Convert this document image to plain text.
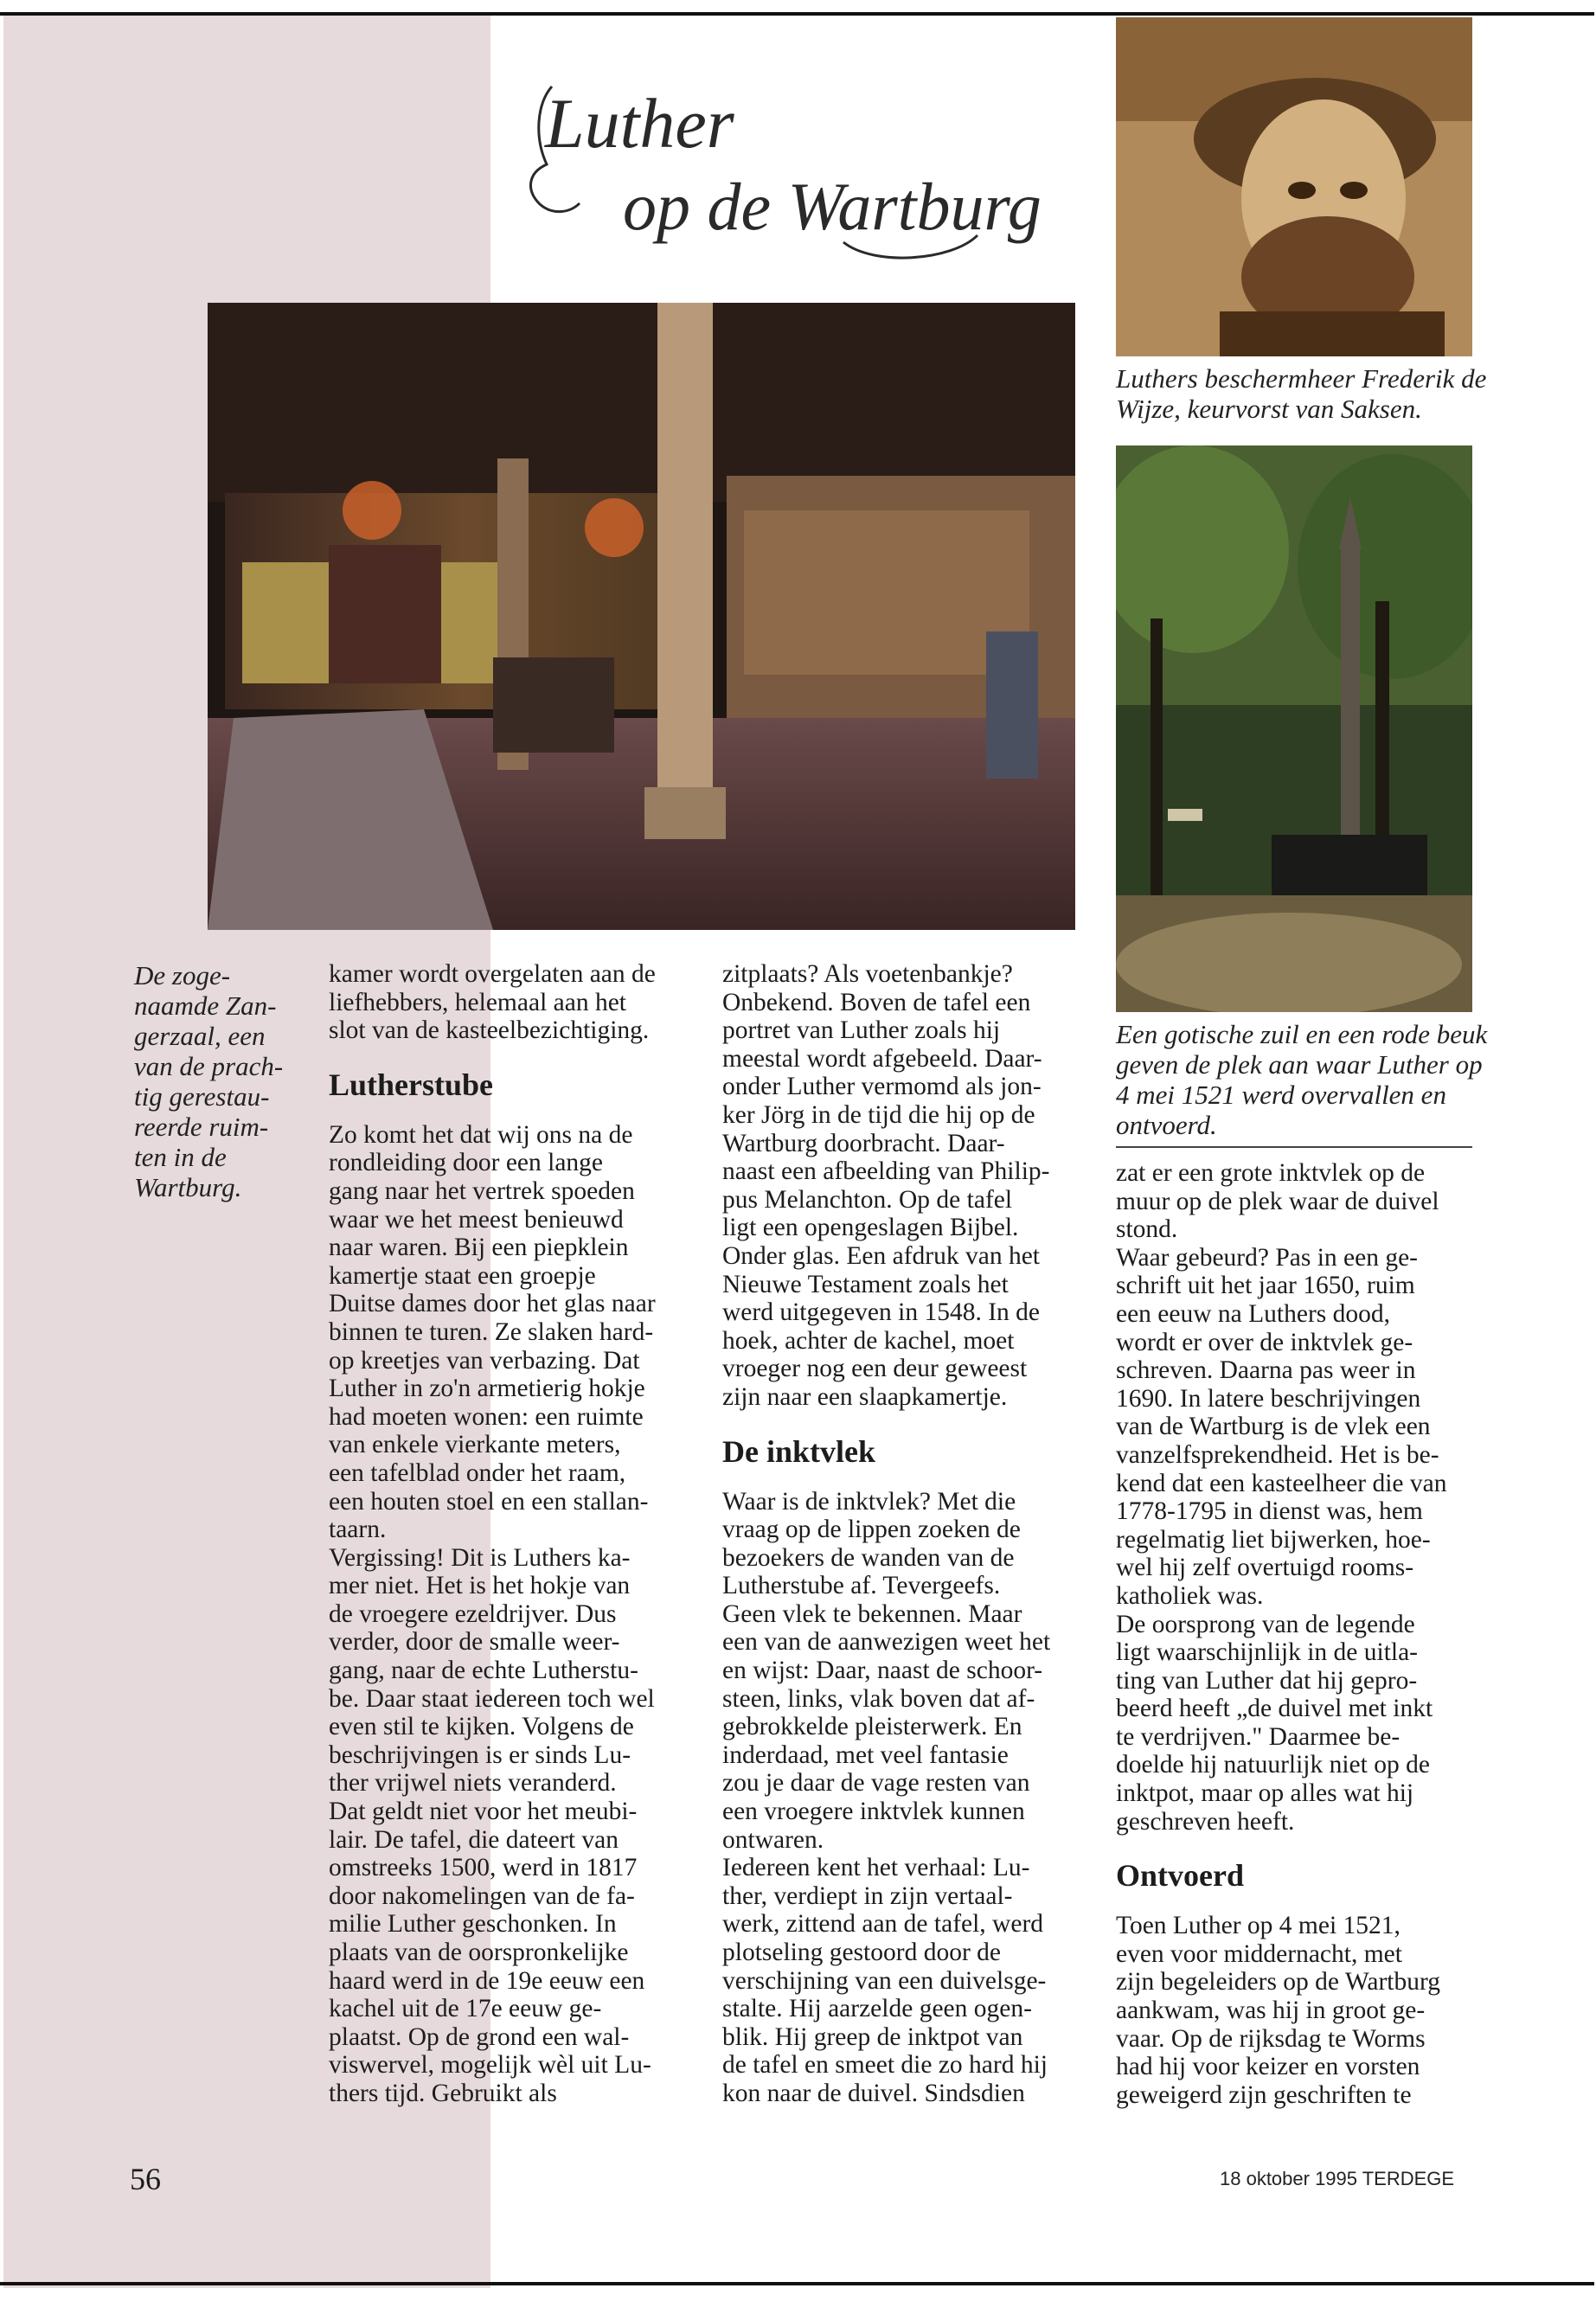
Luther
op de Wartburg
Luthers beschermheer Frederik de Wijze, keurvorst van Saksen.

De zoge-
naamde Zan-
gerzaal, een
van de prach-
tig gerestau-
reerde ruim-
ten in de
Wartburg.

Een gotische zuil en een rode beuk geven de plek aan waar Luther op 4 mei 1521 werd overvallen en ontvoerd.

kamer wordt overgelaten aan de
liefhebbers, helemaal aan het
slot van de kasteelbezichtiging.

Lutherstube

Zo komt het dat wij ons na de
rondleiding door een lange
gang naar het vertrek spoeden
waar we het meest benieuwd
naar waren. Bij een piepklein
kamertje staat een groepje
Duitse dames door het glas naar
binnen te turen. Ze slaken hard-
op kreetjes van verbazing. Dat
Luther in zo'n armetierig hokje
had moeten wonen: een ruimte
van enkele vierkante meters,
een tafelblad onder het raam,
een houten stoel en een stallan-
taarn.
Vergissing! Dit is Luthers ka-
mer niet. Het is het hokje van
de vroegere ezeldrijver. Dus
verder, door de smalle weer-
gang, naar de echte Lutherstu-
be. Daar staat iedereen toch wel
even stil te kijken. Volgens de
beschrijvingen is er sinds Lu-
ther vrijwel niets veranderd.
Dat geldt niet voor het meubi-
lair. De tafel, die dateert van
omstreeks 1500, werd in 1817
door nakomelingen van de fa-
milie Luther geschonken. In
plaats van de oorspronkelijke
haard werd in de 19e eeuw een
kachel uit de 17e eeuw ge-
plaatst. Op de grond een wal-
viswervel, mogelijk wèl uit Lu-
thers tijd. Gebruikt als

zitplaats? Als voetenbankje?
Onbekend. Boven de tafel een
portret van Luther zoals hij
meestal wordt afgebeeld. Daar-
onder Luther vermomd als jon-
ker Jörg in de tijd die hij op de
Wartburg doorbracht. Daar-
naast een afbeelding van Philip-
pus Melanchton. Op de tafel
ligt een opengeslagen Bijbel.
Onder glas. Een afdruk van het
Nieuwe Testament zoals het
werd uitgegeven in 1548. In de
hoek, achter de kachel, moet
vroeger nog een deur geweest
zijn naar een slaapkamertje.

De inktvlek

Waar is de inktvlek? Met die
vraag op de lippen zoeken de
bezoekers de wanden van de
Lutherstube af. Tevergeefs.
Geen vlek te bekennen. Maar
een van de aanwezigen weet het
en wijst: Daar, naast de schoor-
steen, links, vlak boven dat af-
gebrokkelde pleisterwerk. En
inderdaad, met veel fantasie
zou je daar de vage resten van
een vroegere inktvlek kunnen
ontwaren.
Iedereen kent het verhaal: Lu-
ther, verdiept in zijn vertaal-
werk, zittend aan de tafel, werd
plotseling gestoord door de
verschijning van een duivelsge-
stalte. Hij aarzelde geen ogen-
blik. Hij greep de inktpot van
de tafel en smeet die zo hard hij
kon naar de duivel. Sindsdien

zat er een grote inktvlek op de
muur op de plek waar de duivel
stond.
Waar gebeurd? Pas in een ge-
schrift uit het jaar 1650, ruim
een eeuw na Luthers dood,
wordt er over de inktvlek ge-
schreven. Daarna pas weer in
1690. In latere beschrijvingen
van de Wartburg is de vlek een
vanzelfsprekendheid. Het is be-
kend dat een kasteelheer die van
1778-1795 in dienst was, hem
regelmatig liet bijwerken, hoe-
wel hij zelf overtuigd rooms-
katholiek was.
De oorsprong van de legende
ligt waarschijnlijk in de uitla-
ting van Luther dat hij gepro-
beerd heeft „de duivel met inkt
te verdrijven." Daarmee be-
doelde hij natuurlijk niet op de
inktpot, maar op alles wat hij
geschreven heeft.

Ontvoerd

Toen Luther op 4 mei 1521,
even voor middernacht, met
zijn begeleiders op de Wartburg
aankwam, was hij in groot ge-
vaar. Op de rijksdag te Worms
had hij voor keizer en vorsten
geweigerd zijn geschriften te

56	18 oktober 1995 TERDEGE
